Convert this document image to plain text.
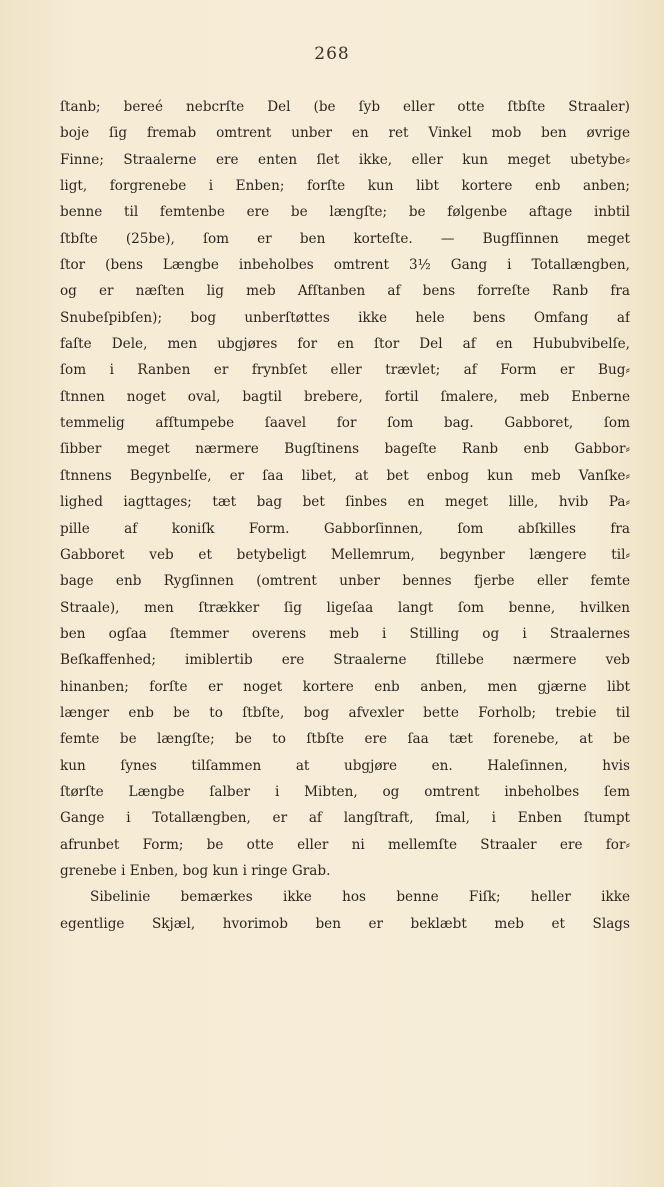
268
ſtanb; bereé nebcrſte Del (be ſyb eller otte ſtbſte Straaler)
boje ſig fremab omtrent unber en ret Vinkel mob ben øvrige
Finne; Straalerne ere enten ſlet ikke, eller kun meget ubetybe⸗
ligt, forgrenebe i Enben; forſte kun libt kortere enb anben;
benne til femtenbe ere be længſte; be følgenbe aftage inbtil
ſtbſte (25be), ſom er ben korteſte. — Bugfſinnen meget
ſtor (bens Længbe inbeholbes omtrent 3½ Gang i Totallængben,
og er næſten lig meb Afſtanben af bens forreſte Ranb fra
Snubeſpibſen); bog unberſtøttes ikke hele bens Omfang af
faſte Dele, men ubgjøres for en ſtor Del af en Hububvibelſe,
ſom i Ranben er frynbſet eller trævlet; af Form er Bug⸗
ſtnnen noget oval, bagtil brebere, fortil ſmalere, meb Enberne
temmelig afſtumpebe ſaavel for ſom bag. Gabboret, ſom
ſibber meget nærmere Bugſtinens bageſte Ranb enb Gabbor⸗
ſtnnens Begynbelſe, er ſaa libet, at bet enbog kun meb Vanſke⸗
lighed iagttages; tæt bag bet ſinbes en meget lille, hvib Pa⸗
pille af koniſk Form. Gabborſinnen, ſom abſkilles fra
Gabboret veb et betybeligt Mellemrum, begynber længere til⸗
bage enb Rygſinnen (omtrent unber bennes fjerbe eller femte
Straale), men ſtrækker ſig ligeſaa langt ſom benne, hvilken
ben ogſaa ſtemmer overens meb i Stilling og i Straalernes
Beſkaffenhed; imiblertib ere Straalerne ſtillebe nærmere veb
hinanben; forſte er noget kortere enb anben, men gjærne libt
længer enb be to ſtbſte, bog afvexler bette Forholb; trebie til
femte be længſte; be to ſtbſte ere ſaa tæt forenebe, at be
kun ſynes tilſammen at ubgjøre en. Haleſinnen, hvis
ſtørſte Længbe ſalber i Mibten, og omtrent inbeholbes ſem
Gange i Totallængben, er af langſtraft, ſmal, i Enben ſtumpt
afrunbet Form; be otte eller ni mellemſte Straaler ere for⸗
grenebe i Enben, bog kun i ringe Grab.
Sibelinie bemærkes ikke hos benne Fiſk; heller ikke
egentlige Skjæl, hvorimob ben er beklæbt meb et Slags
